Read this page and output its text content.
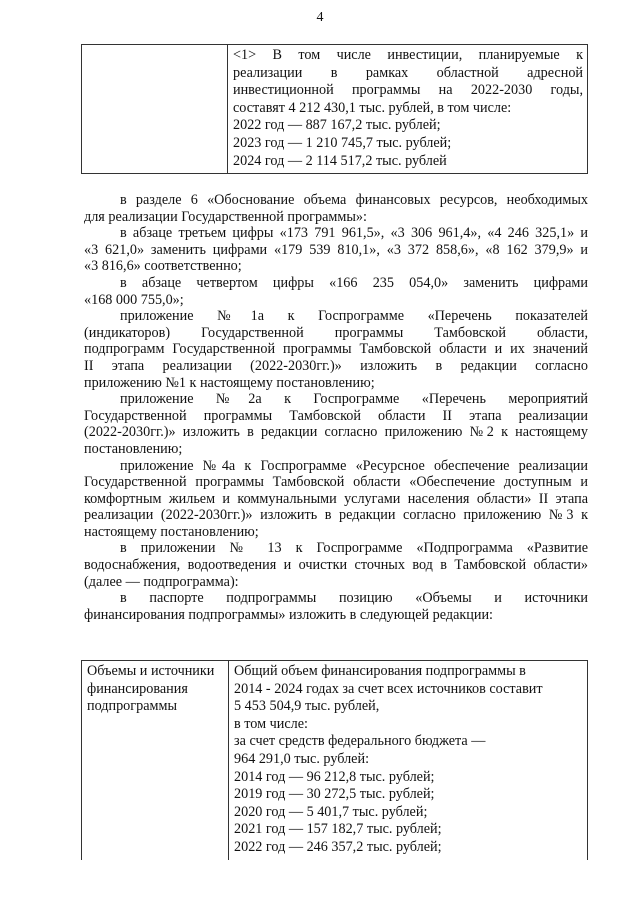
4

<1> В том числе инвестиции, планируемые к
реализации в рамках областной адресной
инвестиционной программы на 2022-2030 годы,
составят 4 212 430,1 тыс. рублей, в том числе:
2022 год — 887 167,2 тыс. рублей;
2023 год — 1 210 745,7 тыс. рублей;
2024 год — 2 114 517,2 тыс. рублей
в разделе 6 «Обоснование объема финансовых ресурсов, необходимых
для реализации Государственной программы»:
в абзаце третьем цифры «173 791 961,5», «3 306 961,4», «4 246 325,1» и
«3 621,0» заменить цифрами «179 539 810,1», «3 372 858,6», «8 162 379,9» и
«3 816,6» соответственно;
в абзаце четвертом цифры «166 235 054,0» заменить цифрами
«168 000 755,0»;
приложение №1а к Госпрограмме «Перечень показателей
(индикаторов) Государственной программы Тамбовской области,
подпрограмм Государственной программы Тамбовской области и их значений
II этапа реализации (2022-2030гг.)» изложить в редакции согласно
приложению №1 к настоящему постановлению;
приложение №2а к Госпрограмме «Перечень мероприятий
Государственной программы Тамбовской области II этапа реализации
(2022-2030гг.)» изложить в редакции согласно приложению №2 к настоящему
постановлению;
приложение №4а к Госпрограмме «Ресурсное обеспечение реализации
Государственной программы Тамбовской области «Обеспечение доступным и
комфортным жильем и коммунальными услугами населения области» II этапа
реализации (2022-2030гг.)» изложить в редакции согласно приложению №3 к
настоящему постановлению;
в приложении № 13 к Госпрограмме «Подпрограмма «Развитие
водоснабжения, водоотведения и очистки сточных вод в Тамбовской области»
(далее — подпрограмма):
в паспорте подпрограммы позицию «Объемы и источники
финансирования подпрограммы» изложить в следующей редакции:
Объемы и источники
финансирования
подпрограммы

Общий объем финансирования подпрограммы в
2014 - 2024 годах за счет всех источников составит
5 453 504,9 тыс. рублей,
в том числе:
за счет средств федерального бюджета —
964 291,0 тыс. рублей:
2014 год — 96 212,8 тыс. рублей;
2019 год — 30 272,5 тыс. рублей;
2020 год — 5 401,7 тыс. рублей;
2021 год — 157 182,7 тыс. рублей;
2022 год — 246 357,2 тыс. рублей;
